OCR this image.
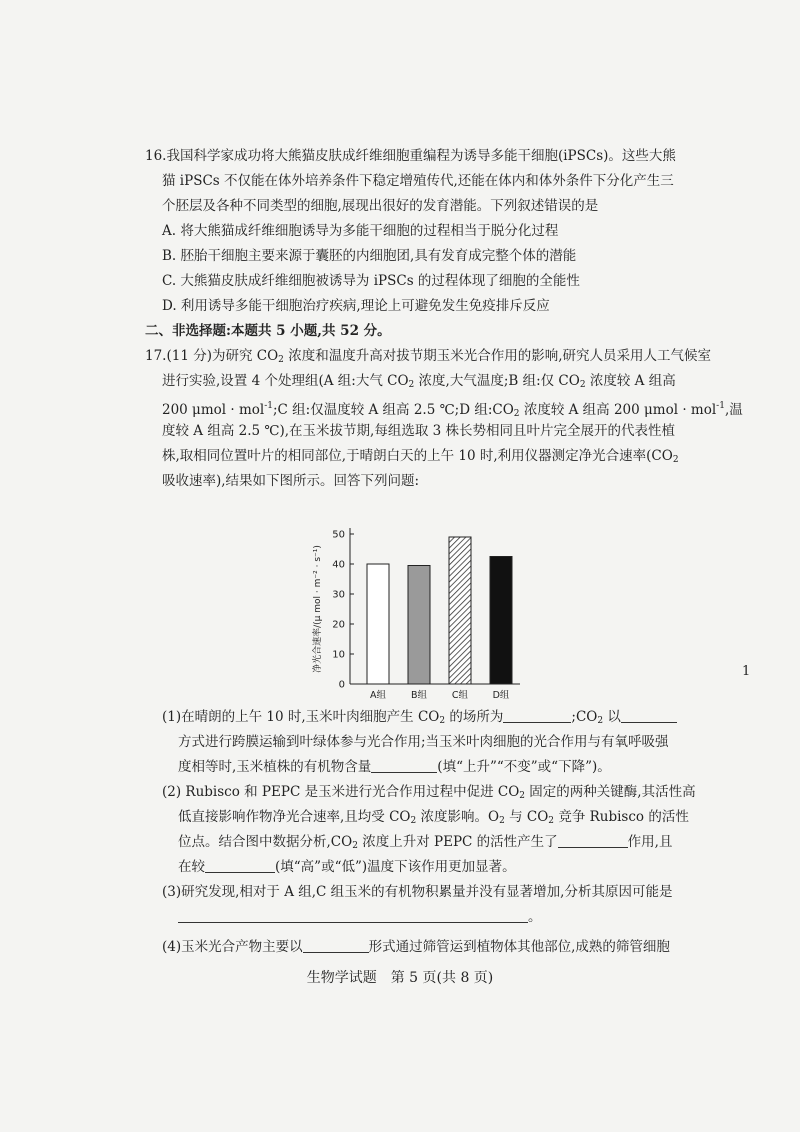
16.我国科学家成功将大熊猫皮肤成纤维细胞重编程为诱导多能干细胞(iPSCs)。这些大熊
猫 iPSCs 不仅能在体外培养条件下稳定增殖传代,还能在体内和体外条件下分化产生三
个胚层及各种不同类型的细胞,展现出很好的发育潜能。下列叙述错误的是
A. 将大熊猫成纤维细胞诱导为多能干细胞的过程相当于脱分化过程
B. 胚胎干细胞主要来源于囊胚的内细胞团,具有发育成完整个体的潜能
C. 大熊猫皮肤成纤维细胞被诱导为 iPSCs 的过程体现了细胞的全能性
D. 利用诱导多能干细胞治疗疾病,理论上可避免发生免疫排斥反应
二、非选择题:本题共 5 小题,共 52 分。
17.(11 分)为研究 $CO_2$ 浓度和温度升高对拔节期玉米光合作用的影响,研究人员采用人工气候室
进行实验,设置 4 个处理组(A 组:大气 $CO_2$ 浓度,大气温度;B 组:仅 $CO_2$ 浓度较 A 组高
200 μmol · mol$^{-1}$;C 组:仅温度较 A 组高 2.5 ℃;D 组$:CO_2$ 浓度较 A 组高 200 μmol · mol$^{-1}$,温
度较 A 组高 2.5 ℃),在玉米拔节期,每组选取 3 株长势相同且叶片完全展开的代表性植
株,取相同位置叶片的相同部位,于晴朗白天的上午 10 时,利用仪器测定净光合速率($CO_2$
吸收速率),结果如下图所示。回答下列问题:
0
10
20
30
40
50
净光合速率/(μ mol · m⁻² · s⁻¹)
A组	B组	C组	D组
(1)在晴朗的上午 10 时,玉米叶肉细胞产生 $CO_2$ 的场所为	$;CO_2$ 以
方式进行跨膜运输到叶绿体参与光合作用;当玉米叶肉细胞的光合作用与有氧呼吸强
度相等时,玉米植株的有机物含量	(填“上升”“不变”或“下降”)。
(2) Rubisco 和 PEPC 是玉米进行光合作用过程中促进 $CO_2$ 固定的两种关键酶,其活性高
低直接影响作物净光合速率,且均受 $CO_2$ 浓度影响。$O_2$ 与 $CO_2$ 竞争 Rubisco 的活性
位点。结合图中数据分析$,CO_2$ 浓度上升对 PEPC 的活性产生了	作用,且
在较	(填“高”或“低”)温度下该作用更加显著。
(3)研究发现,相对于 A 组,C 组玉米的有机物积累量并没有显著增加,分析其原因可能是
。
(4)玉米光合产物主要以	形式通过筛管运到植物体其他部位,成熟的筛管细胞
1
生物学试题　第 5 页(共 8 页)
